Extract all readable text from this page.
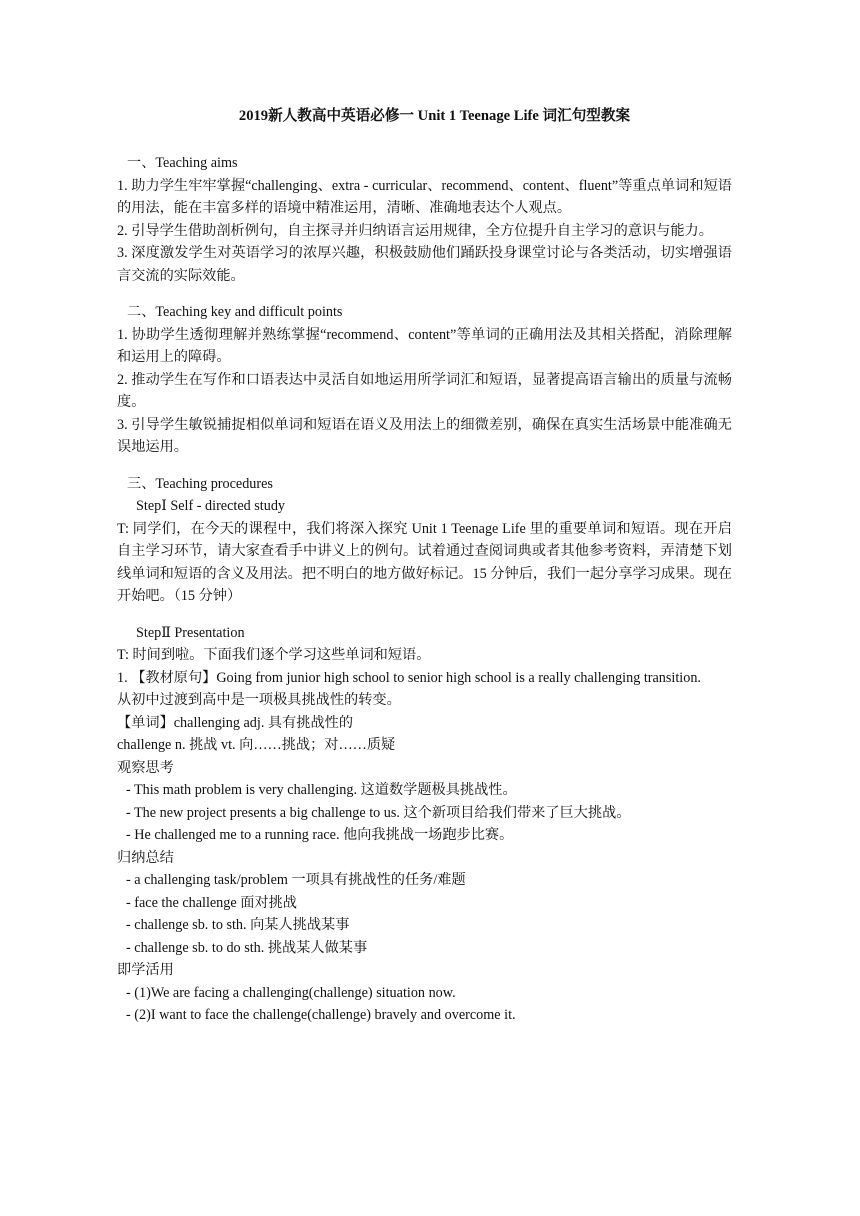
2019新人教高中英语必修一 Unit 1 Teenage Life 词汇句型教案

一、Teaching aims

1. 助力学生牢牢掌握“challenging、extra - curricular、recommend、content、fluent”等重点单词和短语的用法，能在丰富多样的语境中精准运用，清晰、准确地表达个人观点。

2. 引导学生借助剖析例句，自主探寻并归纳语言运用规律，全方位提升自主学习的意识与能力。

3. 深度激发学生对英语学习的浓厚兴趣，积极鼓励他们踊跃投身课堂讨论与各类活动，切实增强语言交流的实际效能。

二、Teaching key and difficult points

1. 协助学生透彻理解并熟练掌握“recommend、content”等单词的正确用法及其相关搭配，消除理解和运用上的障碍。

2. 推动学生在写作和口语表达中灵活自如地运用所学词汇和短语，显著提高语言输出的质量与流畅度。

3. 引导学生敏锐捕捉相似单词和短语在语义及用法上的细微差别，确保在真实生活场景中能准确无误地运用。

三、Teaching procedures

StepⅠ Self - directed study

T: 同学们，在今天的课程中，我们将深入探究 Unit 1 Teenage Life 里的重要单词和短语。现在开启自主学习环节，请大家查看手中讲义上的例句。试着通过查阅词典或者其他参考资料，弄清楚下划线单词和短语的含义及用法。把不明白的地方做好标记。15 分钟后，我们一起分享学习成果。现在开始吧。（15 分钟）

StepⅡ Presentation

T: 时间到啦。下面我们逐个学习这些单词和短语。

1. 【教材原句】Going from junior high school to senior high school is a really challenging transition.

从初中过渡到高中是一项极具挑战性的转变。

【单词】challenging adj. 具有挑战性的

challenge n. 挑战 vt. 向……挑战；对……质疑

观察思考

- This math problem is very challenging. 这道数学题极具挑战性。

- The new project presents a big challenge to us. 这个新项目给我们带来了巨大挑战。

- He challenged me to a running race. 他向我挑战一场跑步比赛。

归纳总结

- a challenging task/problem 一项具有挑战性的任务/难题

- face the challenge 面对挑战

- challenge sb. to sth. 向某人挑战某事

- challenge sb. to do sth. 挑战某人做某事

即学活用

- (1)We are facing a challenging(challenge) situation now.

- (2)I want to face the challenge(challenge) bravely and overcome it.
